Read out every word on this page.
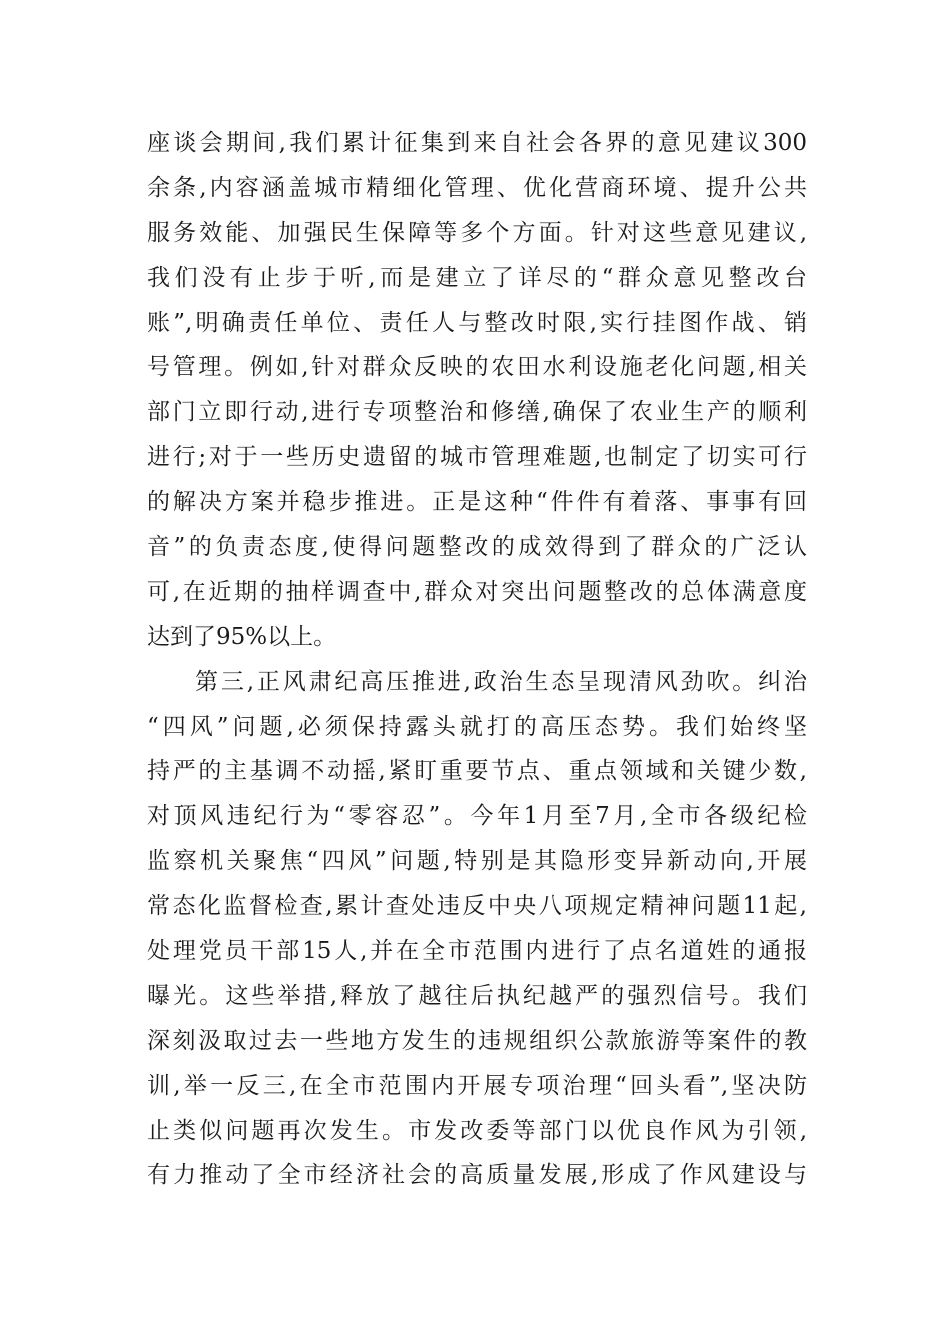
座谈会期间,我们累计征集到来自社会各界的意见建议300
余条,内容涵盖城市精细化管理、优化营商环境、提升公共
服务效能、加强民生保障等多个方面。针对这些意见建议,
我们没有止步于听,而是建立了详尽的“群众意见整改台
账”,明确责任单位、责任人与整改时限,实行挂图作战、销
号管理。例如,针对群众反映的农田水利设施老化问题,相关
部门立即行动,进行专项整治和修缮,确保了农业生产的顺利
进行;对于一些历史遗留的城市管理难题,也制定了切实可行
的解决方案并稳步推进。正是这种“件件有着落、事事有回
音”的负责态度,使得问题整改的成效得到了群众的广泛认
可,在近期的抽样调查中,群众对突出问题整改的总体满意度
达到了95%以上。
第三,正风肃纪高压推进,政治生态呈现清风劲吹。纠治
“四风”问题,必须保持露头就打的高压态势。我们始终坚
持严的主基调不动摇,紧盯重要节点、重点领域和关键少数,
对顶风违纪行为“零容忍”。今年1月至7月,全市各级纪检
监察机关聚焦“四风”问题,特别是其隐形变异新动向,开展
常态化监督检查,累计查处违反中央八项规定精神问题11起,
处理党员干部15人,并在全市范围内进行了点名道姓的通报
曝光。这些举措,释放了越往后执纪越严的强烈信号。我们
深刻汲取过去一些地方发生的违规组织公款旅游等案件的教
训,举一反三,在全市范围内开展专项治理“回头看”,坚决防
止类似问题再次发生。市发改委等部门以优良作风为引领,
有力推动了全市经济社会的高质量发展,形成了作风建设与
